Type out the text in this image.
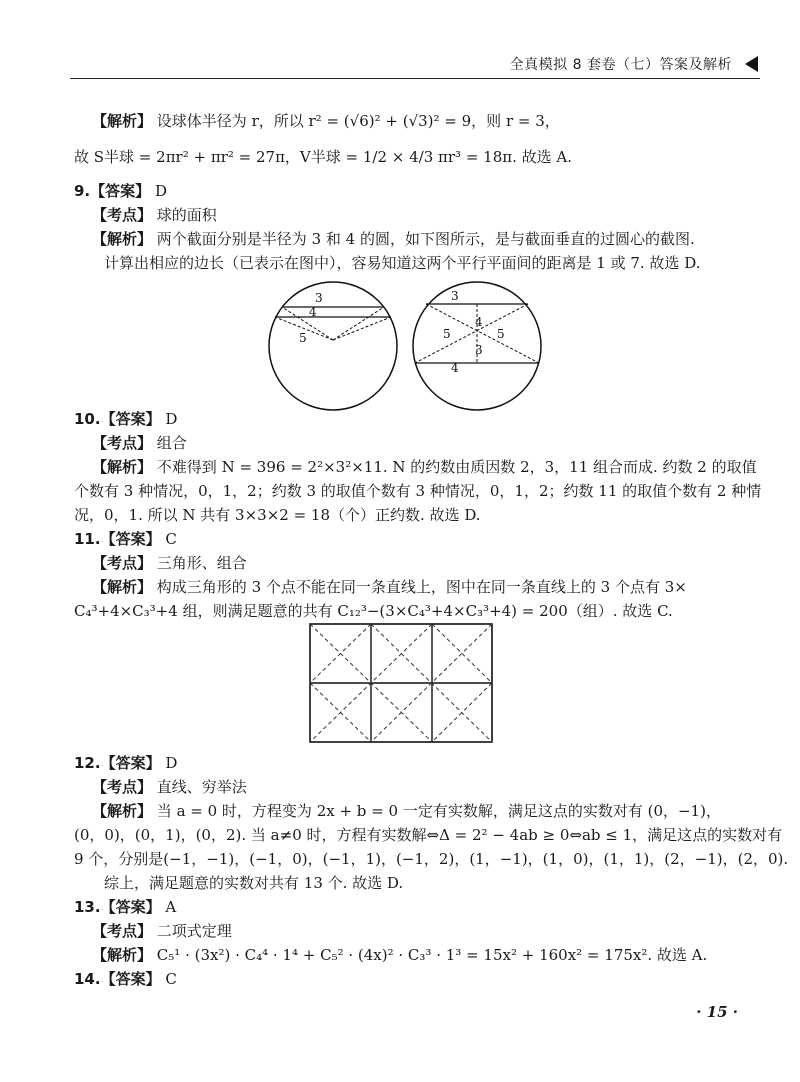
全真模拟 8 套卷（七）答案及解析
【解析】 设球体半径为 r，所以 r² = (√6)² + (√3)² = 9，则 r = 3，
故 S半球 = 2πr² + πr² = 27π，V半球 = 1/2 × 4/3 πr³ = 18π. 故选 A.
9.【答案】 D
【考点】 球的面积
【解析】 两个截面分别是半径为 3 和 4 的圆，如下图所示，是与截面垂直的过圆心的截图.
计算出相应的边长（已表示在图中），容易知道这两个平行平面间的距离是 1 或 7. 故选 D.
3
4
5
3
4
5	5
3
4
10.【答案】 D
【考点】 组合
【解析】 不难得到 N = 396 = 2²×3²×11. N 的约数由质因数 2，3，11 组合而成. 约数 2 的取值
个数有 3 种情况，0，1，2；约数 3 的取值个数有 3 种情况，0，1，2；约数 11 的取值个数有 2 种情
况，0，1. 所以 N 共有 3×3×2 = 18（个）正约数. 故选 D.
11.【答案】 C
【考点】 三角形、组合
【解析】 构成三角形的 3 个点不能在同一条直线上，图中在同一条直线上的 3 个点有 3×
C₄³+4×C₃³+4 组，则满足题意的共有 C₁₂³−(3×C₄³+4×C₃³+4) = 200（组）. 故选 C.
12.【答案】 D
【考点】 直线、穷举法
【解析】 当 a = 0 时，方程变为 2x + b = 0 一定有实数解，满足这点的实数对有 (0，−1)，
(0，0)，(0，1)，(0，2). 当 a≠0 时，方程有实数解⇔Δ = 2² − 4ab ≥ 0⇔ab ≤ 1，满足这点的实数对有
9 个，分别是(−1，−1)，(−1，0)，(−1，1)，(−1，2)，(1，−1)，(1，0)，(1，1)，(2，−1)，(2，0).
综上，满足题意的实数对共有 13 个. 故选 D.
13.【答案】 A
【考点】 二项式定理
【解析】 C₅¹ · (3x²) · C₄⁴ · 1⁴ + C₅² · (4x)² · C₃³ · 1³ = 15x² + 160x² = 175x². 故选 A.
14.【答案】 C
· 15 ·
